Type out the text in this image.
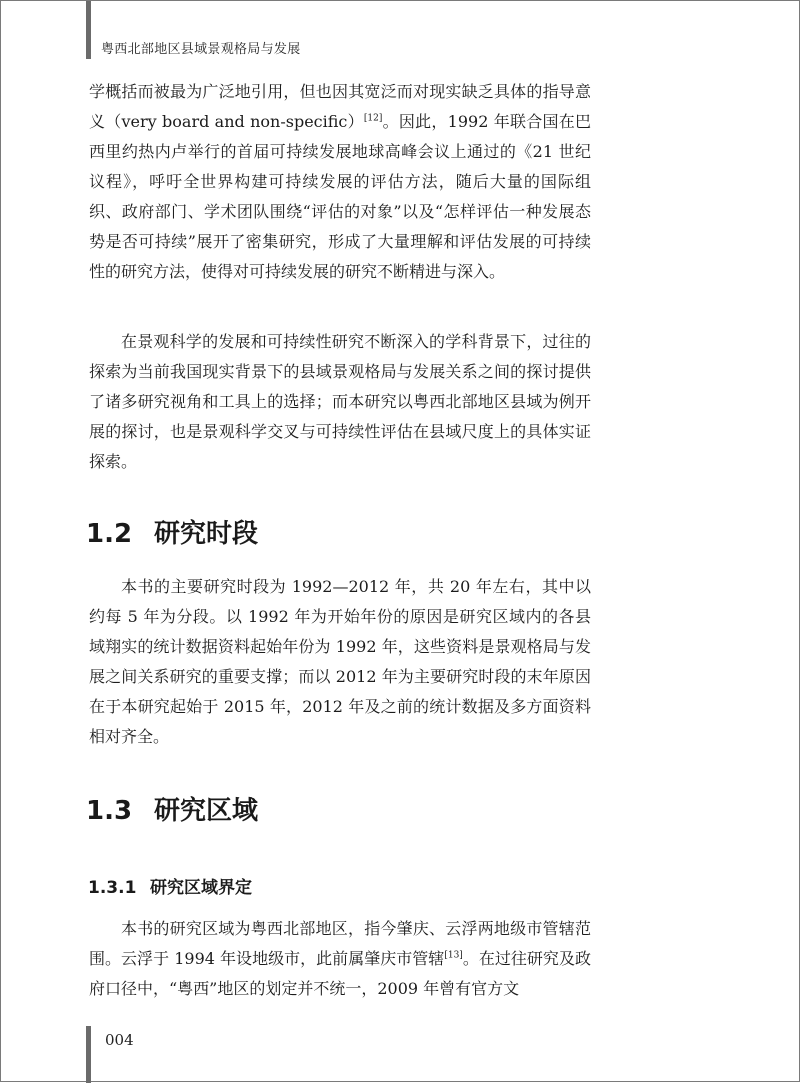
粤西北部地区县域景观格局与发展

学概括而被最为广泛地引用，但也因其宽泛而对现实缺乏具体的指导意义（very board and non-specific）[12]。因此，1992 年联合国在巴西里约热内卢举行的首届可持续发展地球高峰会议上通过的《21 世纪议程》，呼吁全世界构建可持续发展的评估方法，随后大量的国际组织、政府部门、学术团队围绕“评估的对象”以及“怎样评估一种发展态势是否可持续”展开了密集研究，形成了大量理解和评估发展的可持续性的研究方法，使得对可持续发展的研究不断精进与深入。

在景观科学的发展和可持续性研究不断深入的学科背景下，过往的探索为当前我国现实背景下的县域景观格局与发展关系之间的探讨提供了诸多研究视角和工具上的选择；而本研究以粤西北部地区县域为例开展的探讨，也是景观科学交叉与可持续性评估在县域尺度上的具体实证探索。

1.2 研究时段

本书的主要研究时段为 1992—2012 年，共 20 年左右，其中以约每 5 年为分段。以 1992 年为开始年份的原因是研究区域内的各县域翔实的统计数据资料起始年份为 1992 年，这些资料是景观格局与发展之间关系研究的重要支撑；而以 2012 年为主要研究时段的末年原因在于本研究起始于 2015 年，2012 年及之前的统计数据及多方面资料相对齐全。

1.3 研究区域
1.3.1 研究区域界定

本书的研究区域为粤西北部地区，指今肇庆、云浮两地级市管辖范围。云浮于 1994 年设地级市，此前属肇庆市管辖[13]。在过往研究及政府口径中，“粤西”地区的划定并不统一，2009 年曾有官方文

004
